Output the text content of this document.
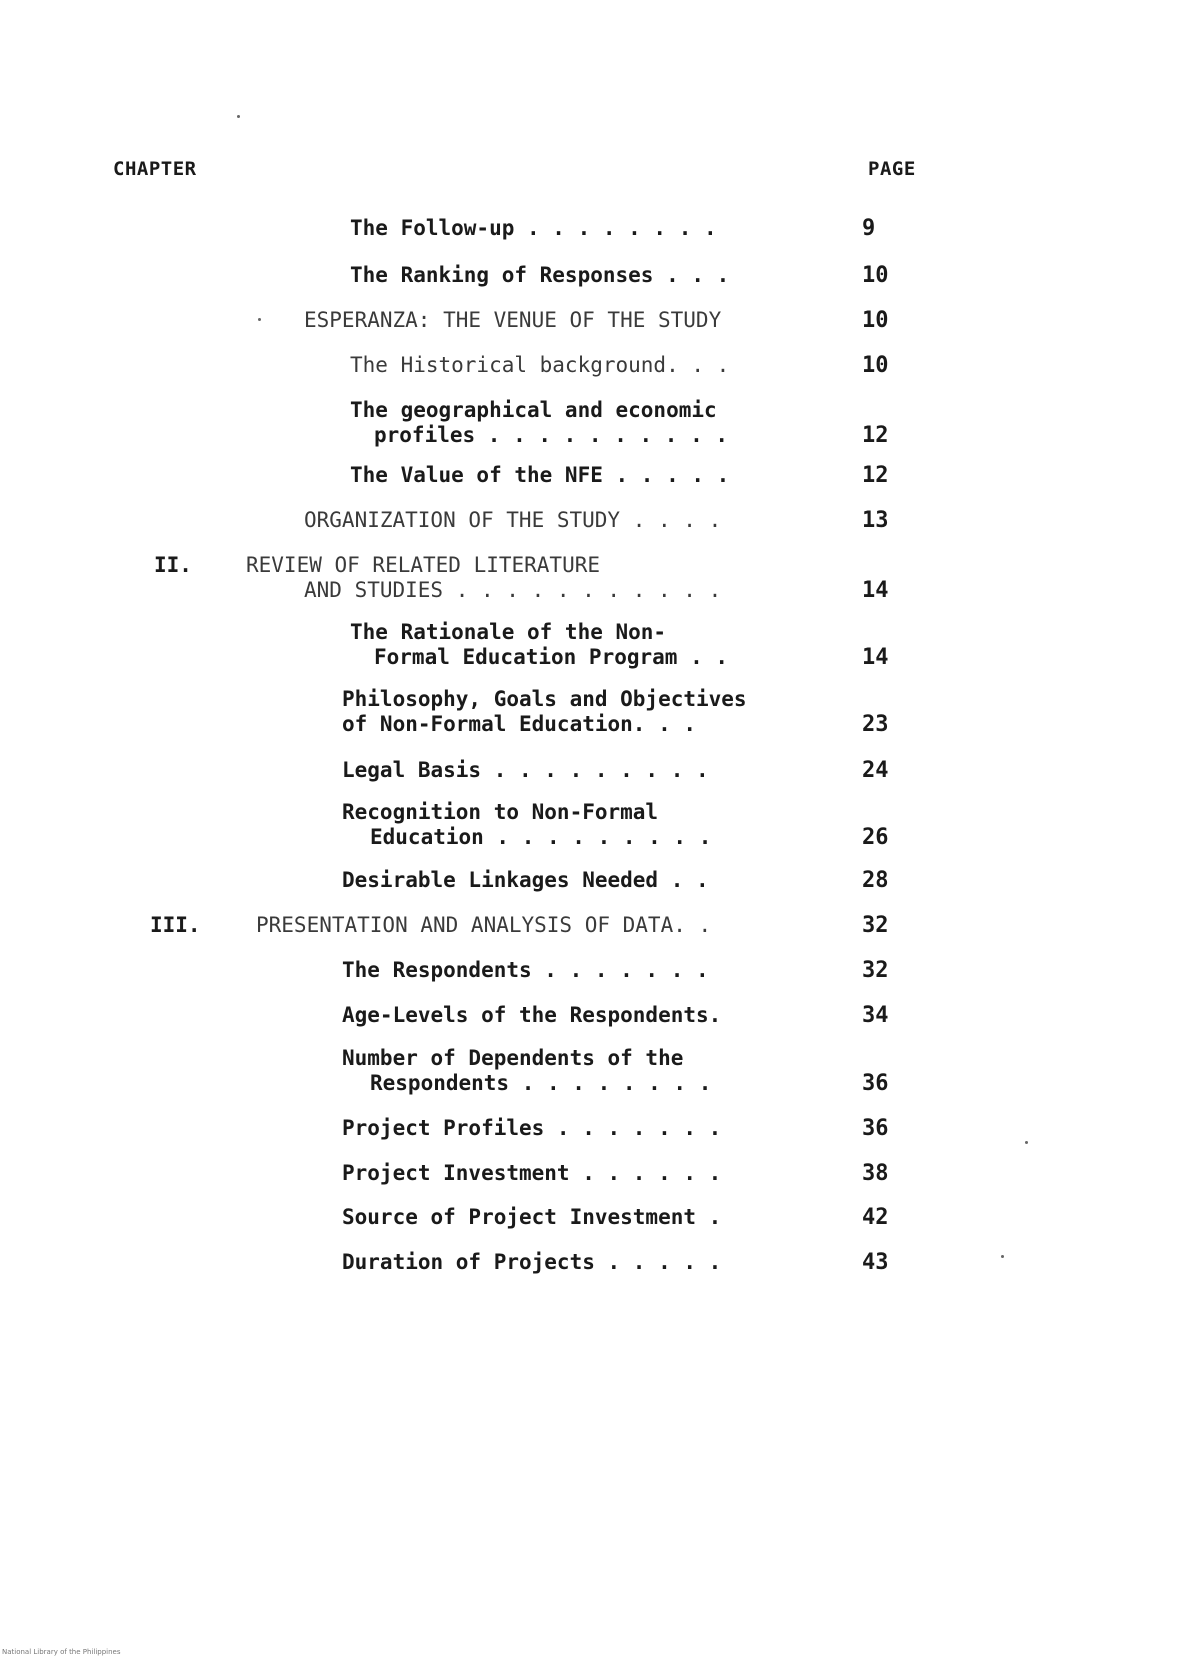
CHAPTER	PAGE
The Follow-up . . . . . . . .	9
The Ranking of Responses . . .	10
ESPERANZA: THE VENUE OF THE STUDY	10
The Historical background. . .	10
The geographical and economic
profiles . . . . . . . . . .	12
The Value of the NFE . . . . .	12
ORGANIZATION OF THE STUDY . . . .	13
II.	REVIEW OF RELATED LITERATURE
AND STUDIES . . . . . . . . . . .	14
The Rationale of the Non-
Formal Education Program . .	14
Philosophy, Goals and Objectives
of Non-Formal Education. . .	23
Legal Basis . . . . . . . . .	24
Recognition to Non-Formal
Education . . . . . . . . .	26
Desirable Linkages Needed . .	28
III.	PRESENTATION AND ANALYSIS OF DATA. .	32
The Respondents . . . . . . .	32
Age-Levels of the Respondents.	34
Number of Dependents of the
Respondents . . . . . . . .	36
Project Profiles . . . . . . .	36
Project Investment . . . . . .	38
Source of Project Investment .	42
Duration of Projects . . . . .	43
National Library of the Philippines
